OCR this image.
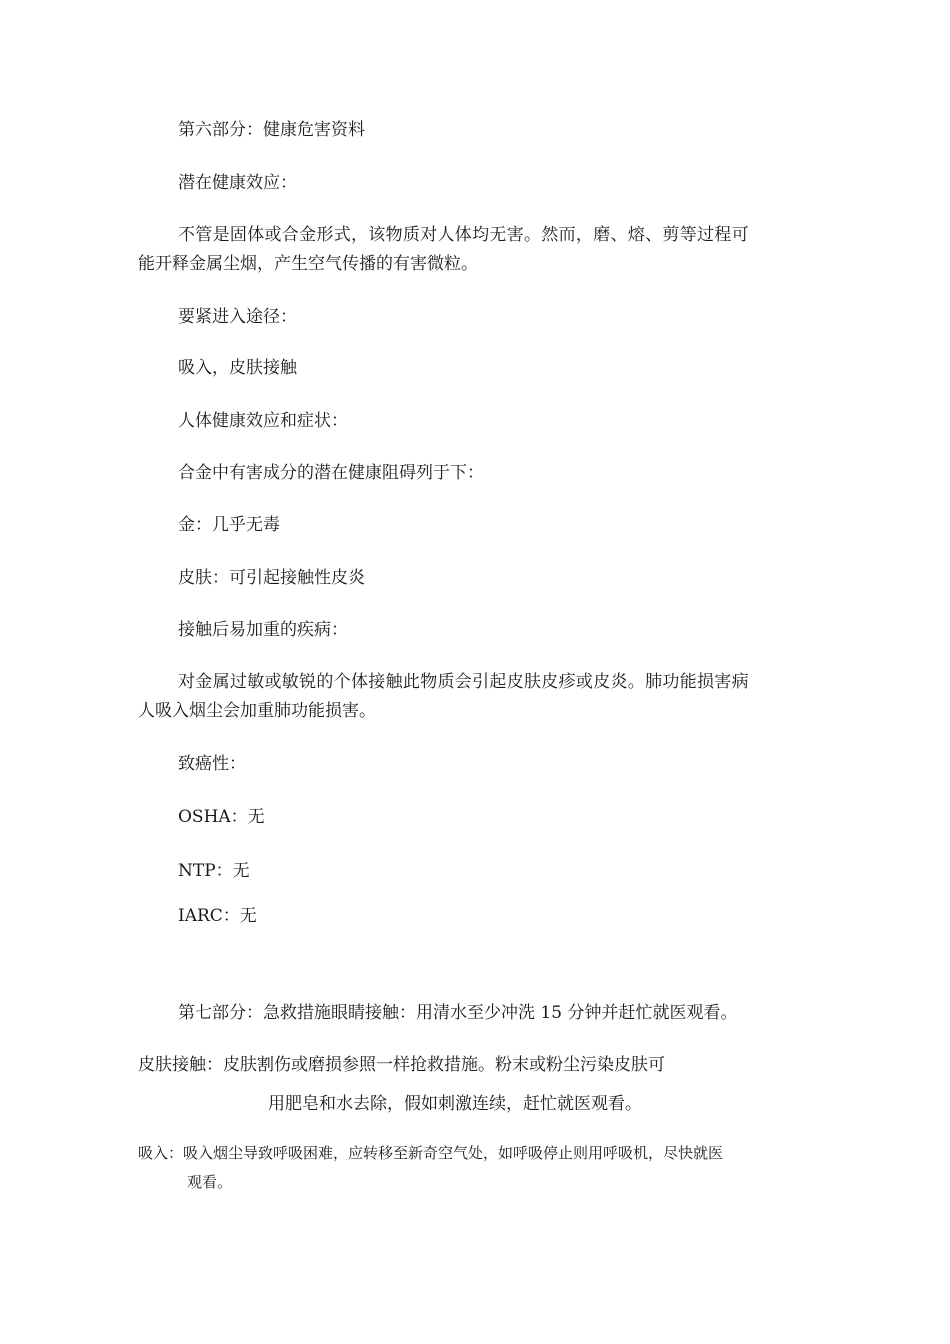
第六部分：健康危害资料
潜在健康效应：
不管是固体或合金形式，该物质对人体均无害。然而，磨、熔、剪等过程可
能开释金属尘烟，产生空气传播的有害微粒。
要紧进入途径：
吸入，皮肤接触
人体健康效应和症状：
合金中有害成分的潜在健康阻碍列于下：
金：几乎无毒
皮肤：可引起接触性皮炎
接触后易加重的疾病：
对金属过敏或敏锐的个体接触此物质会引起皮肤皮疹或皮炎。肺功能损害病
人吸入烟尘会加重肺功能损害。
致癌性：
OSHA：无
NTP：无
IARC：无
第七部分：急救措施眼睛接触：用清水至少冲洗 15 分钟并赶忙就医观看。
皮肤接触：皮肤割伤或磨损参照一样抢救措施。粉末或粉尘污染皮肤可
用肥皂和水去除，假如刺激连续，赶忙就医观看。
吸入：吸入烟尘导致呼吸困难，应转移至新奇空气处，如呼吸停止则用呼吸机，尽快就医
观看。
